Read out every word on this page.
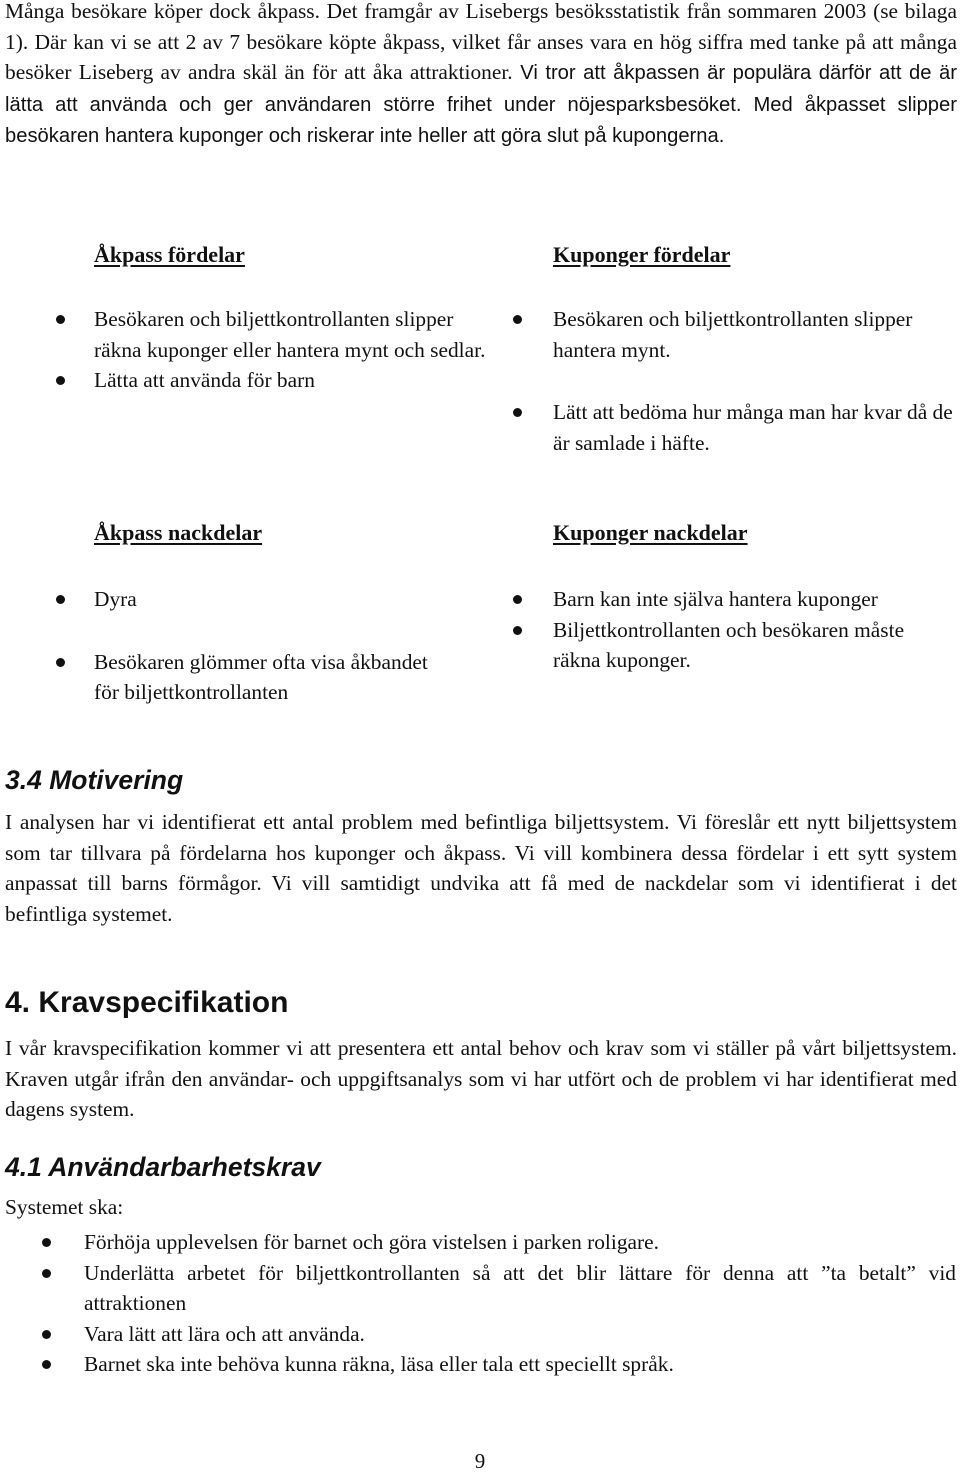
Många besökare köper dock åkpass. Det framgår av Lisebergs besöksstatistik från sommaren 2003 (se bilaga 1). Där kan vi se att 2 av 7 besökare köpte åkpass, vilket får anses vara en hög siffra med tanke på att många besöker Liseberg av andra skäl än för att åka attraktioner. Vi tror att åkpassen är populära därför att de är lätta att använda och ger användaren större frihet under nöjesparksbesöket. Med åkpasset slipper besökaren hantera kuponger och riskerar inte heller att göra slut på kupongerna.

Åkpass fördelar	Kuponger fördelar

Besökaren och biljettkontrollanten slipper räkna kuponger eller hantera mynt och sedlar.
Lätta att använda för barn
Besökaren och biljettkontrollanten slipper hantera mynt.
Lätt att bedöma hur många man har kvar då de är samlade i häfte.

Åkpass nackdelar	Kuponger nackdelar

Dyra
Besökaren glömmer ofta visa åkbandet för biljettkontrollanten
Barn kan inte själva hantera kuponger
Biljettkontrollanten och besökaren måste räkna kuponger.
3.4 Motivering

I analysen har vi identifierat ett antal problem med befintliga biljettsystem. Vi föreslår ett nytt biljettsystem som tar tillvara på fördelarna hos kuponger och åkpass. Vi vill kombinera dessa fördelar i ett sytt system anpassat till barns förmågor. Vi vill samtidigt undvika att få med de nackdelar som vi identifierat i det befintliga systemet.

4. Kravspecifikation

I vår kravspecifikation kommer vi att presentera ett antal behov och krav som vi ställer på vårt biljettsystem. Kraven utgår ifrån den användar- och uppgiftsanalys som vi har utfört och de problem vi har identifierat med dagens system.

4.1 Användarbarhetskrav

Systemet ska:

Förhöja upplevelsen för barnet och göra vistelsen i parken roligare.
Underlätta arbetet för biljettkontrollanten så att det blir lättare för denna att ”ta betalt” vid attraktionen
Vara lätt att lära och att använda.
Barnet ska inte behöva kunna räkna, läsa eller tala ett speciellt språk.

9
